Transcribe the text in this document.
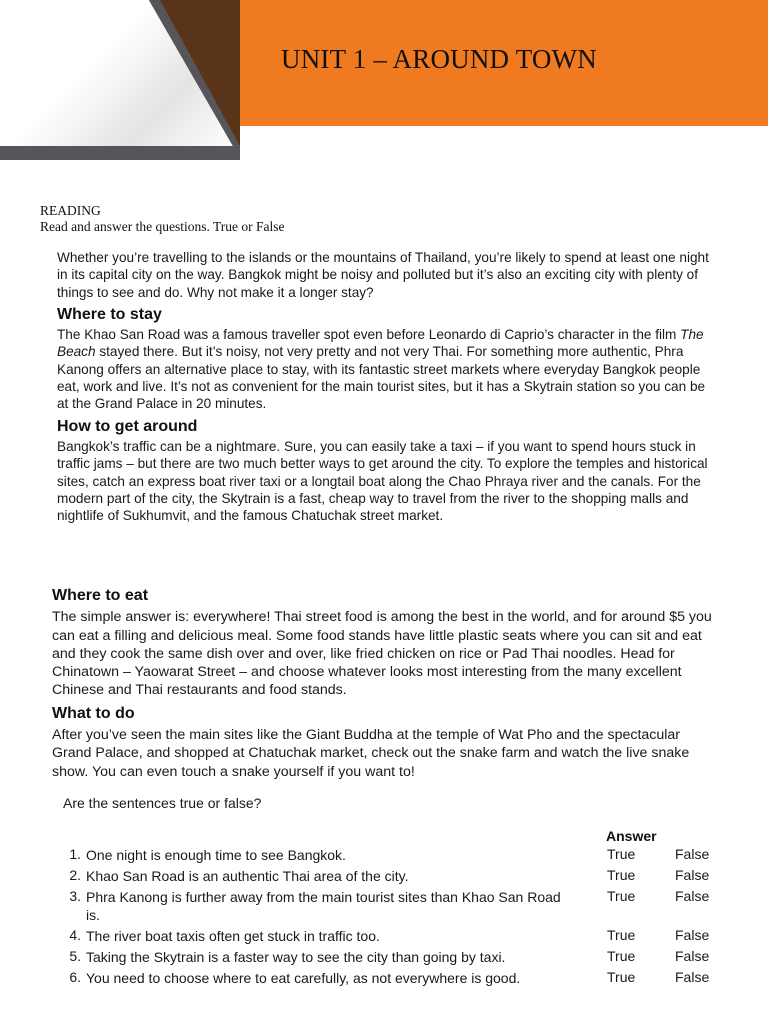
UNIT 1 – AROUND TOWN
READING
Read and answer the questions. True or False

Whether you’re travelling to the islands or the mountains of Thailand, you’re likely to spend at least one night in its capital city on the way. Bangkok might be noisy and polluted but it’s also an exciting city with plenty of things to see and do. Why not make it a longer stay?

Where to stay

The Khao San Road was a famous traveller spot even before Leonardo di Caprio’s character in the film The Beach stayed there. But it’s noisy, not very pretty and not very Thai. For something more authentic, Phra Kanong offers an alternative place to stay, with its fantastic street markets where everyday Bangkok people eat, work and live. It’s not as convenient for the main tourist sites, but it has a Skytrain station so you can be at the Grand Palace in 20 minutes.

How to get around

Bangkok’s traffic can be a nightmare. Sure, you can easily take a taxi – if you want to spend hours stuck in traffic jams – but there are two much better ways to get around the city. To explore the temples and historical sites, catch an express boat river taxi or a longtail boat along the Chao Phraya river and the canals. For the modern part of the city, the Skytrain is a fast, cheap way to travel from the river to the shopping malls and nightlife of Sukhumvit, and the famous Chatuchak street market.

Where to eat

The simple answer is: everywhere! Thai street food is among the best in the world, and for around $5 you can eat a filling and delicious meal. Some food stands have little plastic seats where you can sit and eat and they cook the same dish over and over, like fried chicken on rice or Pad Thai noodles. Head for Chinatown – Yaowarat Street – and choose whatever looks most interesting from the many excellent Chinese and Thai restaurants and food stands.

What to do

After you’ve seen the main sites like the Giant Buddha at the temple of Wat Pho and the spectacular Grand Palace, and shopped at Chatuchak market, check out the snake farm and watch the live snake show. You can even touch a snake yourself if you want to!

Are the sentences true or false?
Answer
1. One night is enough time to see Bangkok.	True	False
2. Khao San Road is an authentic Thai area of the city.	True	False
3. Phra Kanong is further away from the main tourist sites than Khao San Road is.
True	False
4. The river boat taxis often get stuck in traffic too.	True	False
5. Taking the Skytrain is a faster way to see the city than going by taxi.	True	False
6. You need to choose where to eat carefully, as not everywhere is good.	True	False
